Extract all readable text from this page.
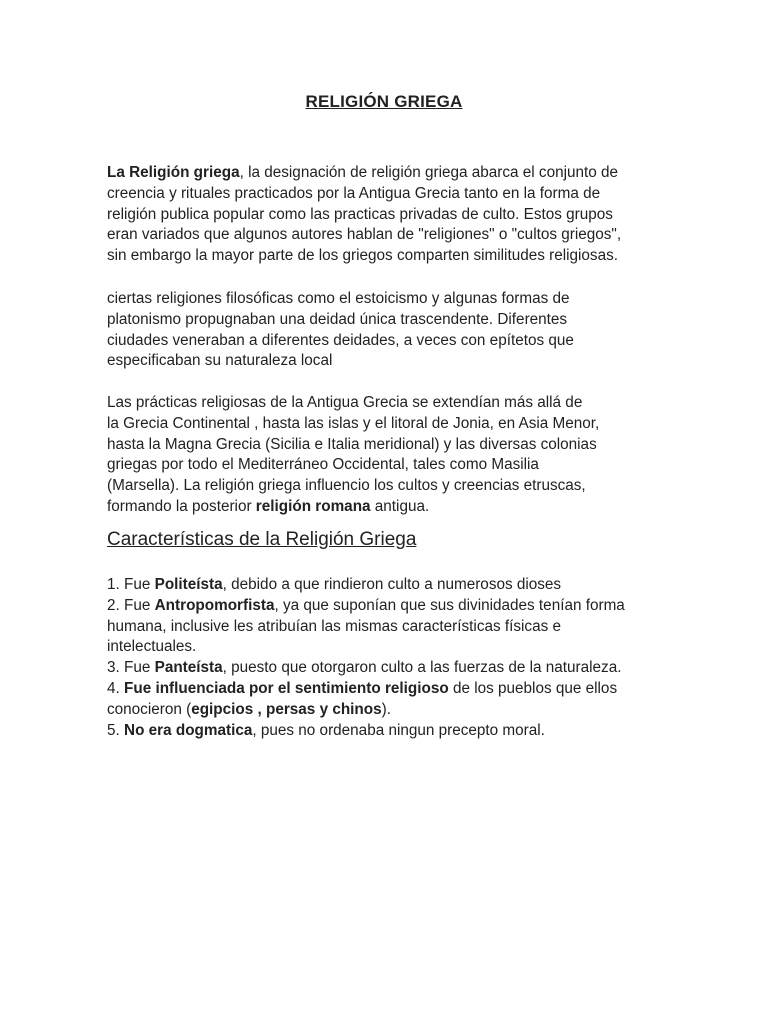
RELIGIÓN GRIEGA
La Religión griega, la designación de religión griega abarca el conjunto de
creencia y rituales practicados por la Antigua Grecia tanto en la forma de
religión publica popular como las practicas privadas de culto. Estos grupos
eran variados que algunos autores hablan de "religiones" o "cultos griegos",
sin embargo la mayor parte de los griegos comparten similitudes religiosas.
ciertas religiones filosóficas como el estoicismo y algunas formas de
platonismo propugnaban una deidad única trascendente. Diferentes
ciudades veneraban a diferentes deidades, a veces con epítetos que
especificaban su naturaleza local
Las prácticas religiosas de la Antigua Grecia se extendían más allá de
la Grecia Continental , hasta las islas y el litoral de Jonia, en Asia Menor,
hasta la Magna Grecia (Sicilia e Italia meridional) y las diversas colonias
griegas por todo el Mediterráneo Occidental, tales como Masilia
(Marsella). La religión griega influencio los cultos y creencias etruscas,
formando la posterior religión romana antigua.
Características de la Religión Griega
1. Fue Politeísta, debido a que rindieron culto a numerosos dioses
2. Fue Antropomorfista, ya que suponían que sus divinidades tenían forma
humana, inclusive les atribuían las mismas características físicas e
intelectuales.
3. Fue Panteísta, puesto que otorgaron culto a las fuerzas de la naturaleza.
4. Fue influenciada por el sentimiento religioso de los pueblos que ellos
conocieron (egipcios , persas y chinos).
5. No era dogmatica, pues no ordenaba ningun precepto moral.
